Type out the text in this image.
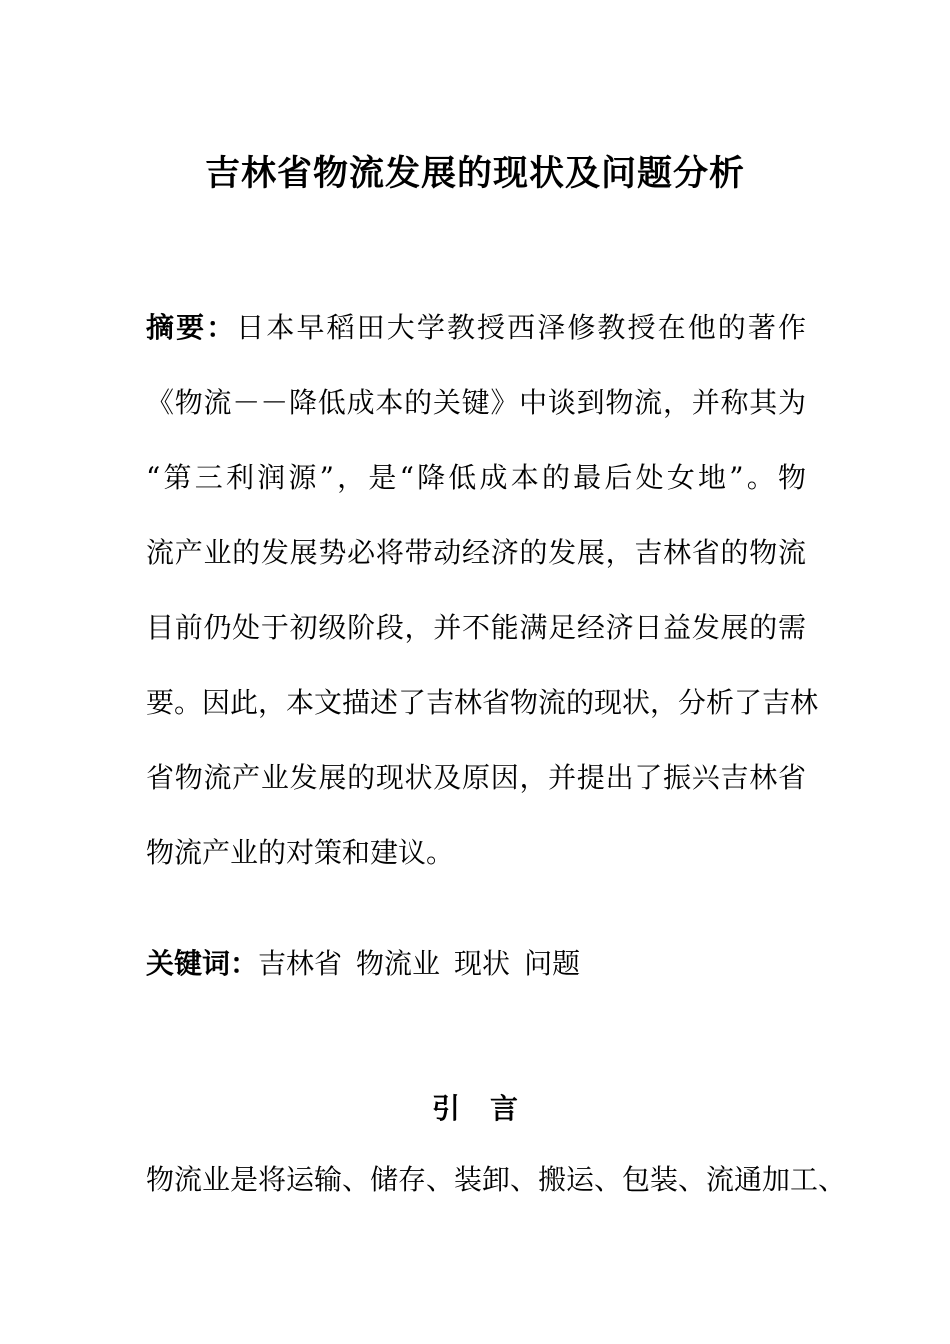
吉林省物流发展的现状及问题分析
摘要：日本早稻田大学教授西泽修教授在他的著作
《物流－－降低成本的关键》中谈到物流，并称其为
“第三利润源”，是“降低成本的最后处女地”。物
流产业的发展势必将带动经济的发展，吉林省的物流
目前仍处于初级阶段，并不能满足经济日益发展的需
要。因此，本文描述了吉林省物流的现状，分析了吉林
省物流产业发展的现状及原因，并提出了振兴吉林省
物流产业的对策和建议。
关键词：吉林省 物流业 现状 问题
引言

物流业是将运输、储存、装卸、搬运、包装、流通加工、
